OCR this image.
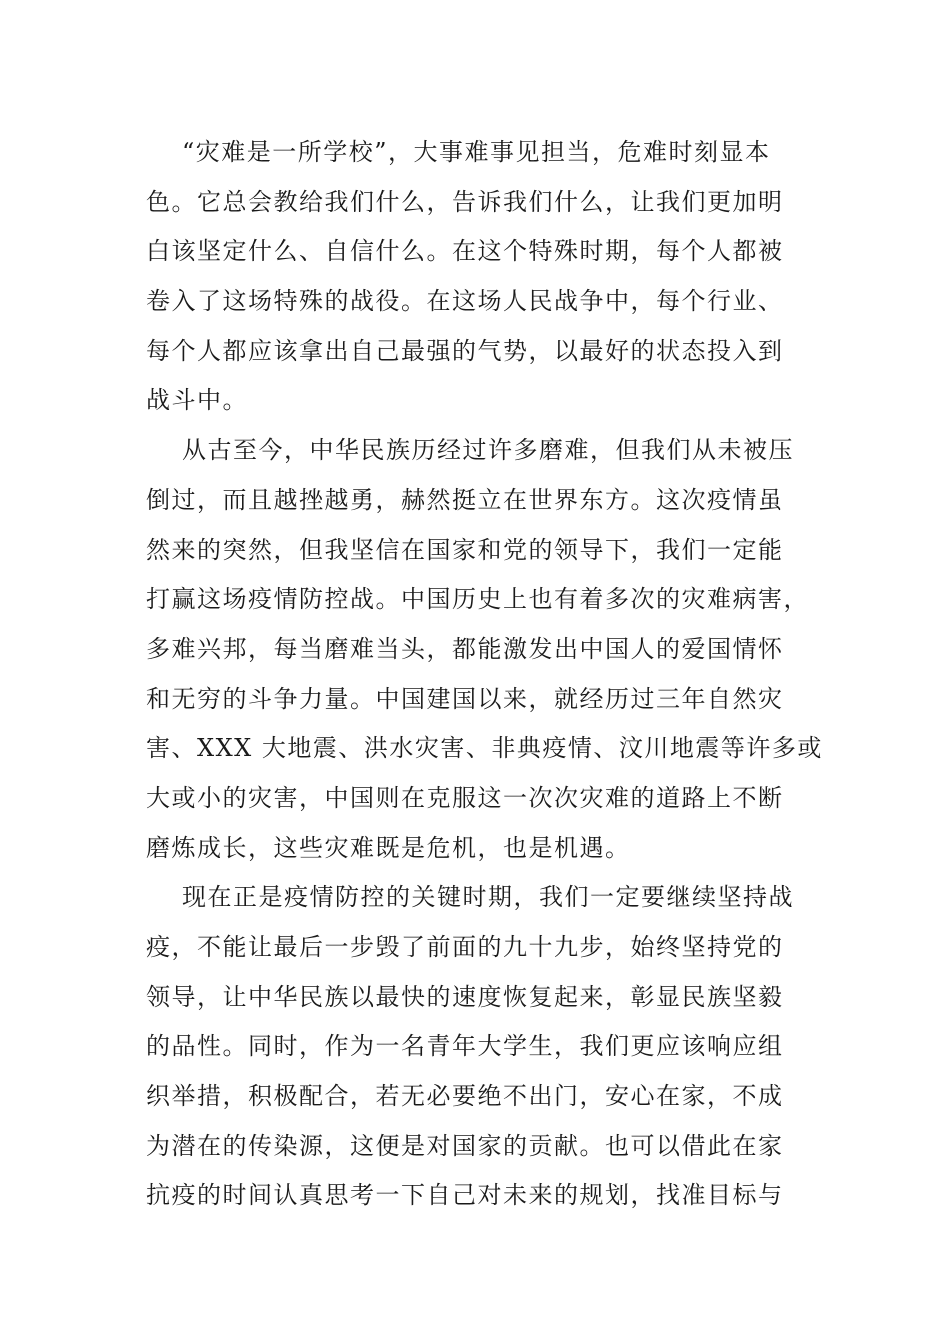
“灾难是一所学校”，大事难事见担当，危难时刻显本
色。它总会教给我们什么，告诉我们什么，让我们更加明
白该坚定什么、自信什么。在这个特殊时期，每个人都被
卷入了这场特殊的战役。在这场人民战争中，每个行业、
每个人都应该拿出自己最强的气势，以最好的状态投入到
战斗中。
从古至今，中华民族历经过许多磨难，但我们从未被压
倒过，而且越挫越勇，赫然挺立在世界东方。这次疫情虽
然来的突然，但我坚信在国家和党的领导下，我们一定能
打赢这场疫情防控战。中国历史上也有着多次的灾难病害，
多难兴邦，每当磨难当头，都能激发出中国人的爱国情怀
和无穷的斗争力量。中国建国以来，就经历过三年自然灾
害、XXX 大地震、洪水灾害、非典疫情、汶川地震等许多或
大或小的灾害，中国则在克服这一次次灾难的道路上不断
磨炼成长，这些灾难既是危机，也是机遇。
现在正是疫情防控的关键时期，我们一定要继续坚持战
疫，不能让最后一步毁了前面的九十九步，始终坚持党的
领导，让中华民族以最快的速度恢复起来，彰显民族坚毅
的品性。同时，作为一名青年大学生，我们更应该响应组
织举措，积极配合，若无必要绝不出门，安心在家，不成
为潜在的传染源，这便是对国家的贡献。也可以借此在家
抗疫的时间认真思考一下自己对未来的规划，找准目标与
